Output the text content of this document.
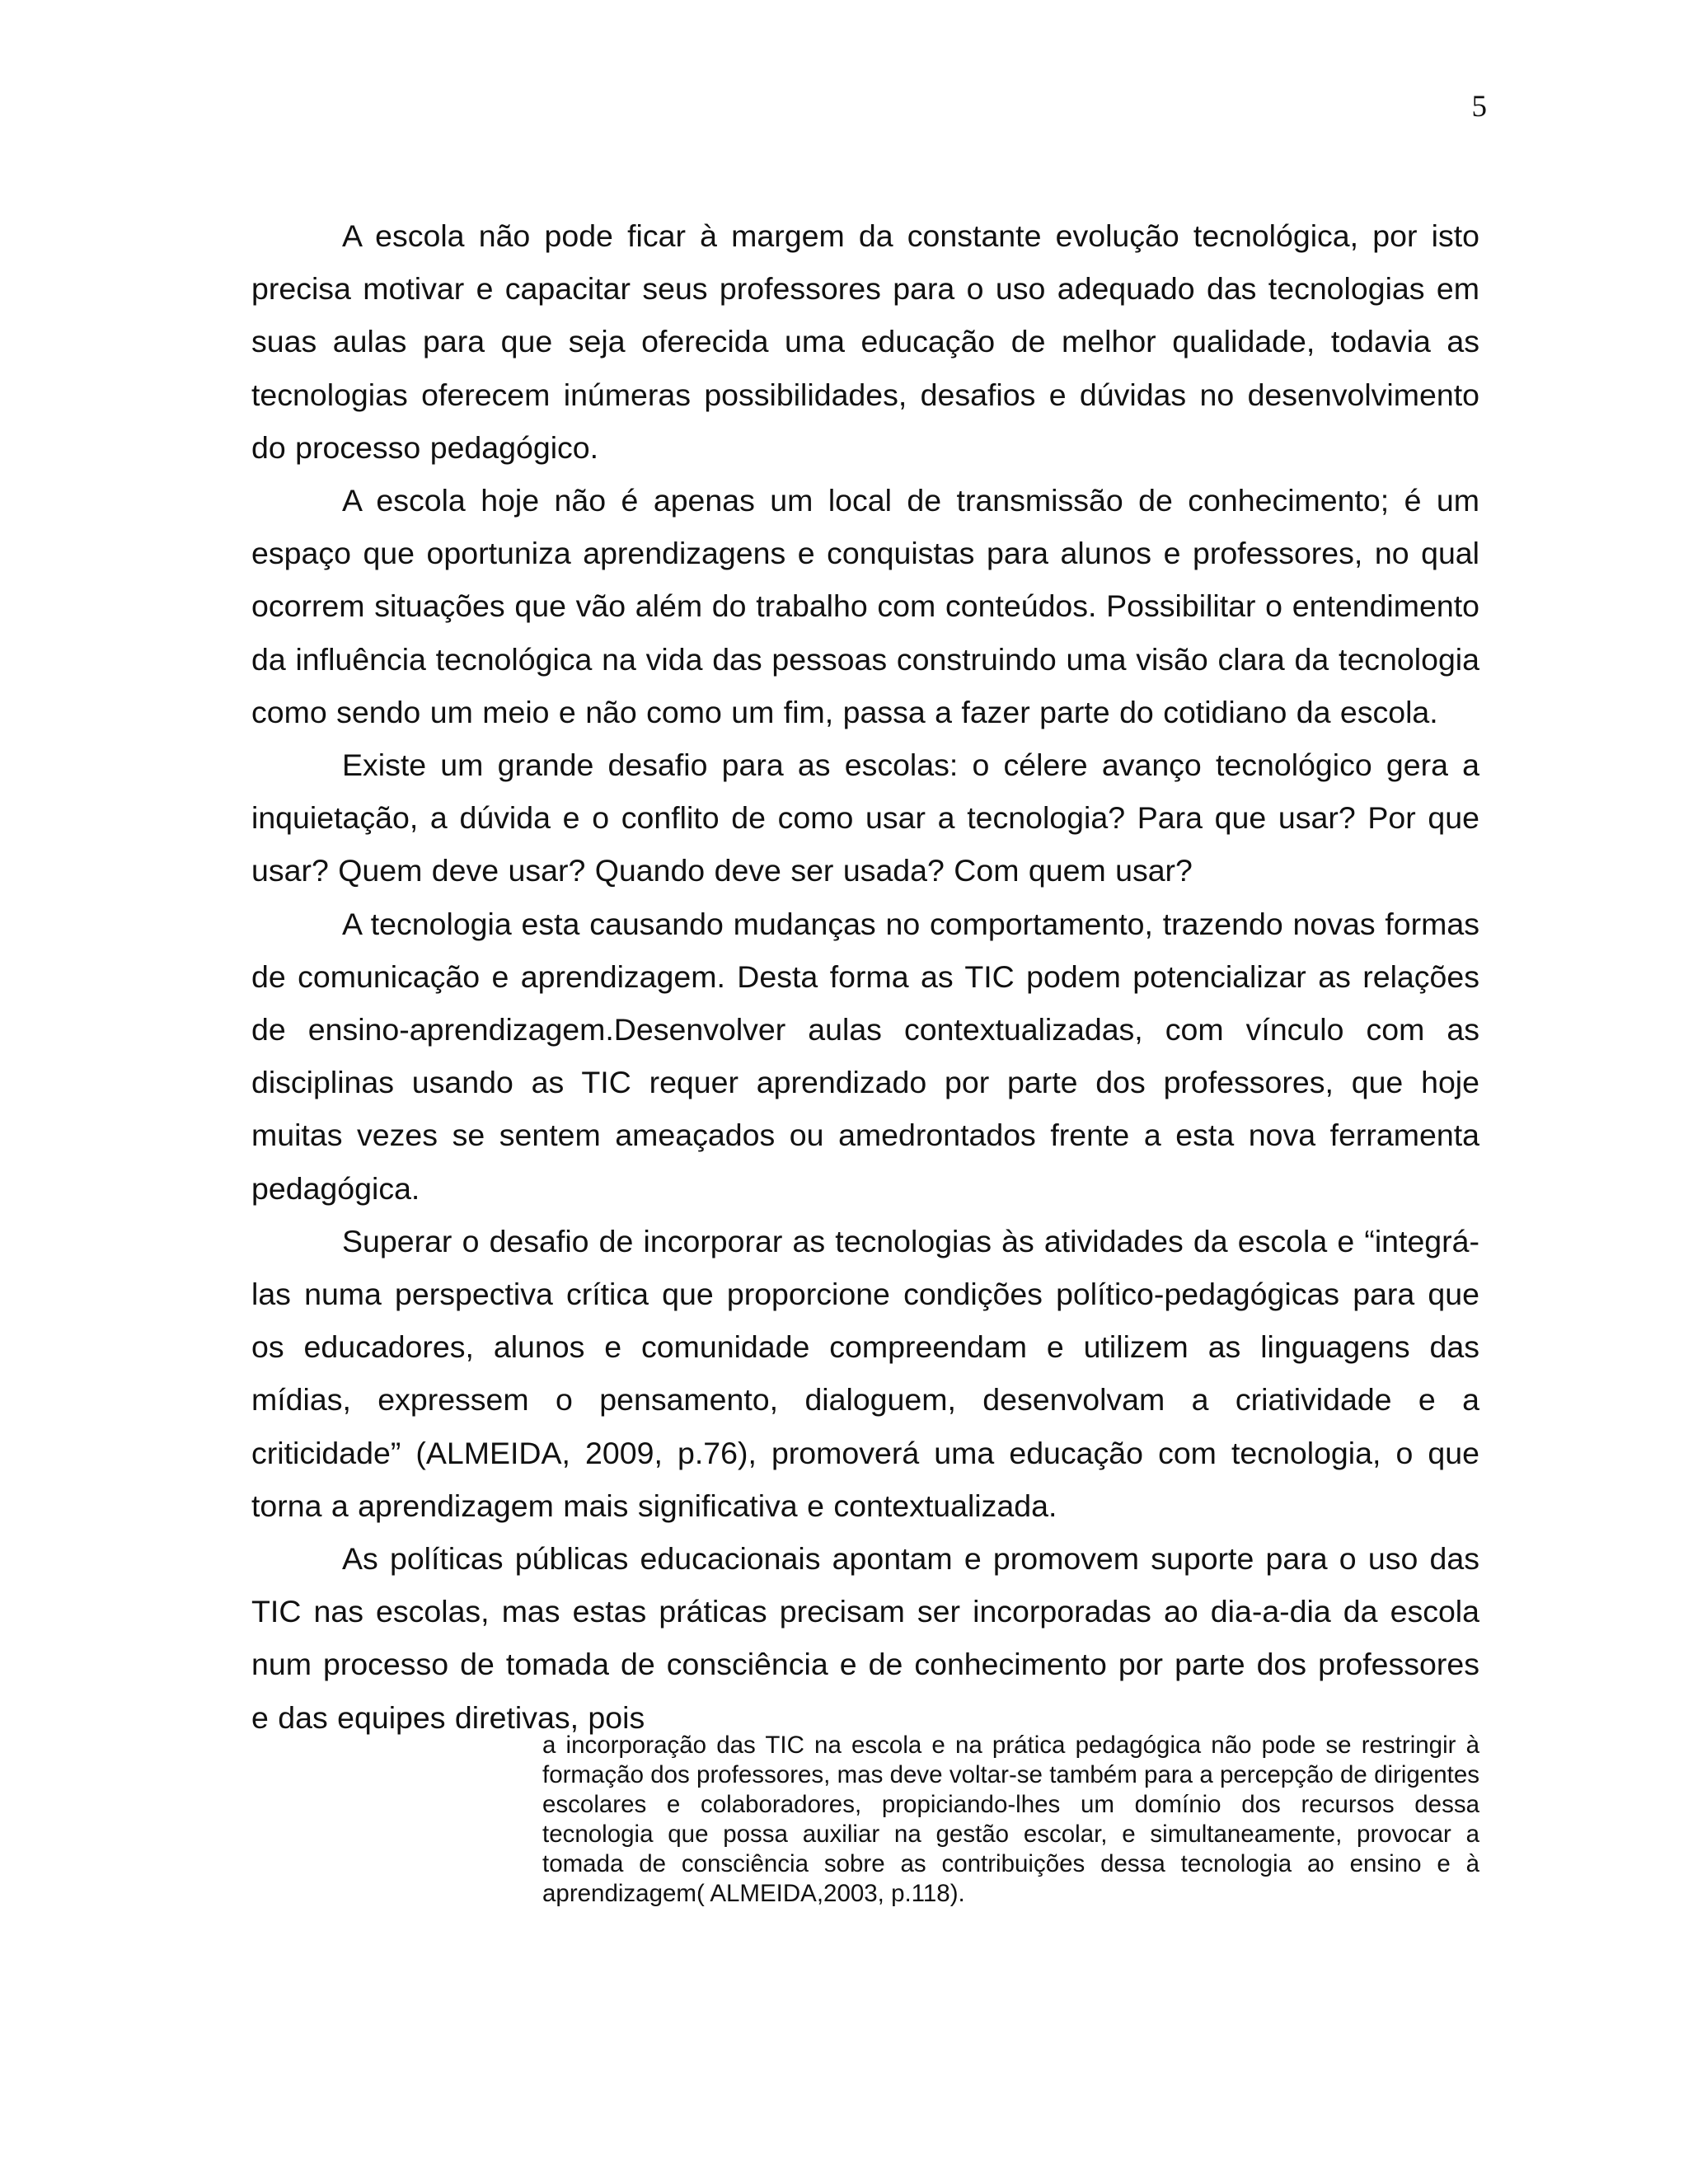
5

A escola não pode ficar à margem da constante evolução tecnológica, por isto precisa motivar e capacitar seus professores para o uso adequado das tecnologias em suas aulas para que seja oferecida uma educação de melhor qualidade, todavia as tecnologias oferecem inúmeras possibilidades, desafios e dúvidas no desenvolvimento do processo pedagógico.

A escola hoje não é apenas um local de transmissão de conhecimento; é um espaço que oportuniza aprendizagens e conquistas para alunos e professores, no qual ocorrem situações que vão além do trabalho com conteúdos. Possibilitar o entendimento da influência tecnológica na vida das pessoas construindo uma visão clara da tecnologia como sendo um meio e não como um fim, passa a fazer parte do cotidiano da escola.

Existe um grande desafio para as escolas: o célere avanço tecnológico gera a inquietação, a dúvida e o conflito de como usar a tecnologia? Para que usar? Por que usar? Quem deve usar? Quando deve ser usada? Com quem usar?

A tecnologia esta causando mudanças no comportamento, trazendo novas formas de comunicação e aprendizagem. Desta forma as TIC podem potencializar as relações de ensino-aprendizagem.Desenvolver aulas contextualizadas, com vínculo com as disciplinas usando as TIC requer aprendizado por parte dos professores, que hoje muitas vezes se sentem ameaçados ou amedrontados frente a esta nova ferramenta pedagógica.

Superar o desafio de incorporar as tecnologias às atividades da escola e “integrá-las numa perspectiva crítica que proporcione condições político-pedagógicas para que os educadores, alunos e comunidade compreendam e utilizem as linguagens das mídias, expressem o pensamento, dialoguem, desenvolvam a criatividade e a criticidade” (ALMEIDA, 2009, p.76), promoverá uma educação com tecnologia, o que torna a aprendizagem mais significativa e contextualizada.

As políticas públicas educacionais apontam e promovem suporte para o uso das TIC nas escolas, mas estas práticas precisam ser incorporadas ao dia-a-dia da escola num processo de tomada de consciência e de conhecimento por parte dos professores e das equipes diretivas, pois

a incorporação das TIC na escola e na prática pedagógica não pode se restringir à formação dos professores, mas deve voltar-se também para a percepção de dirigentes escolares e colaboradores, propiciando-lhes um domínio dos recursos dessa tecnologia que possa auxiliar na gestão escolar, e simultaneamente, provocar a tomada de consciência sobre as contribuições dessa tecnologia ao ensino e à aprendizagem( ALMEIDA,2003, p.118).
